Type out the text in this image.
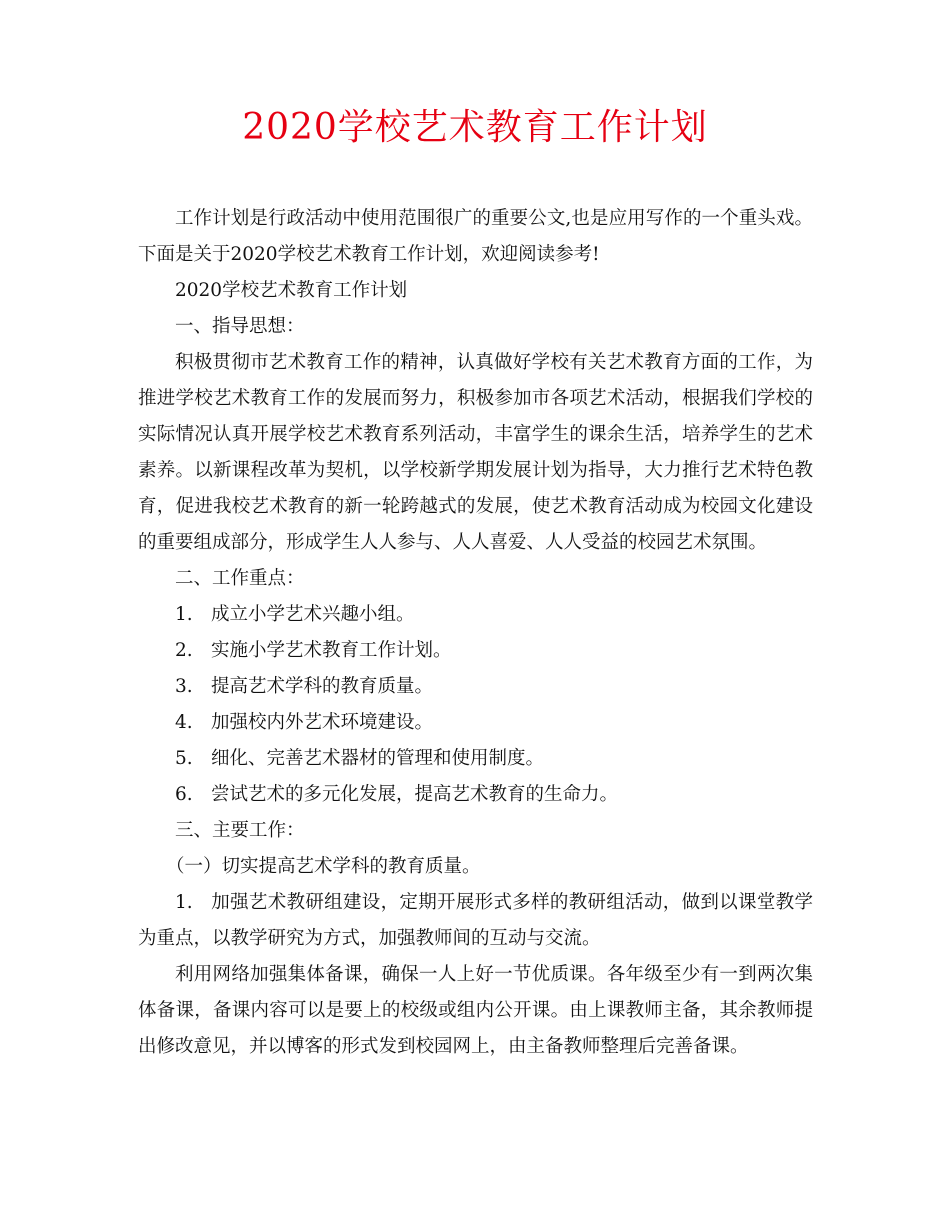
2020学校艺术教育工作计划

工作计划是行政活动中使用范围很广的重要公文,也是应用写作的一个重头戏。下面是关于2020学校艺术教育工作计划，欢迎阅读参考!

2020学校艺术教育工作计划

一、指导思想：

积极贯彻市艺术教育工作的精神，认真做好学校有关艺术教育方面的工作，为推进学校艺术教育工作的发展而努力，积极参加市各项艺术活动，根据我们学校的实际情况认真开展学校艺术教育系列活动，丰富学生的课余生活，培养学生的艺术素养。以新课程改革为契机，以学校新学期发展计划为指导，大力推行艺术特色教育，促进我校艺术教育的新一轮跨越式的发展，使艺术教育活动成为校园文化建设的重要组成部分，形成学生人人参与、人人喜爱、人人受益的校园艺术氛围。

二、工作重点：

1. 成立小学艺术兴趣小组。

2. 实施小学艺术教育工作计划。

3. 提高艺术学科的教育质量。

4. 加强校内外艺术环境建设。

5. 细化、完善艺术器材的管理和使用制度。

6. 尝试艺术的多元化发展，提高艺术教育的生命力。

三、主要工作：

（一）切实提高艺术学科的教育质量。

1. 加强艺术教研组建设，定期开展形式多样的教研组活动，做到以课堂教学为重点，以教学研究为方式，加强教师间的互动与交流。

利用网络加强集体备课，确保一人上好一节优质课。各年级至少有一到两次集体备课，备课内容可以是要上的校级或组内公开课。由上课教师主备，其余教师提出修改意见，并以博客的形式发到校园网上，由主备教师整理后完善备课。
